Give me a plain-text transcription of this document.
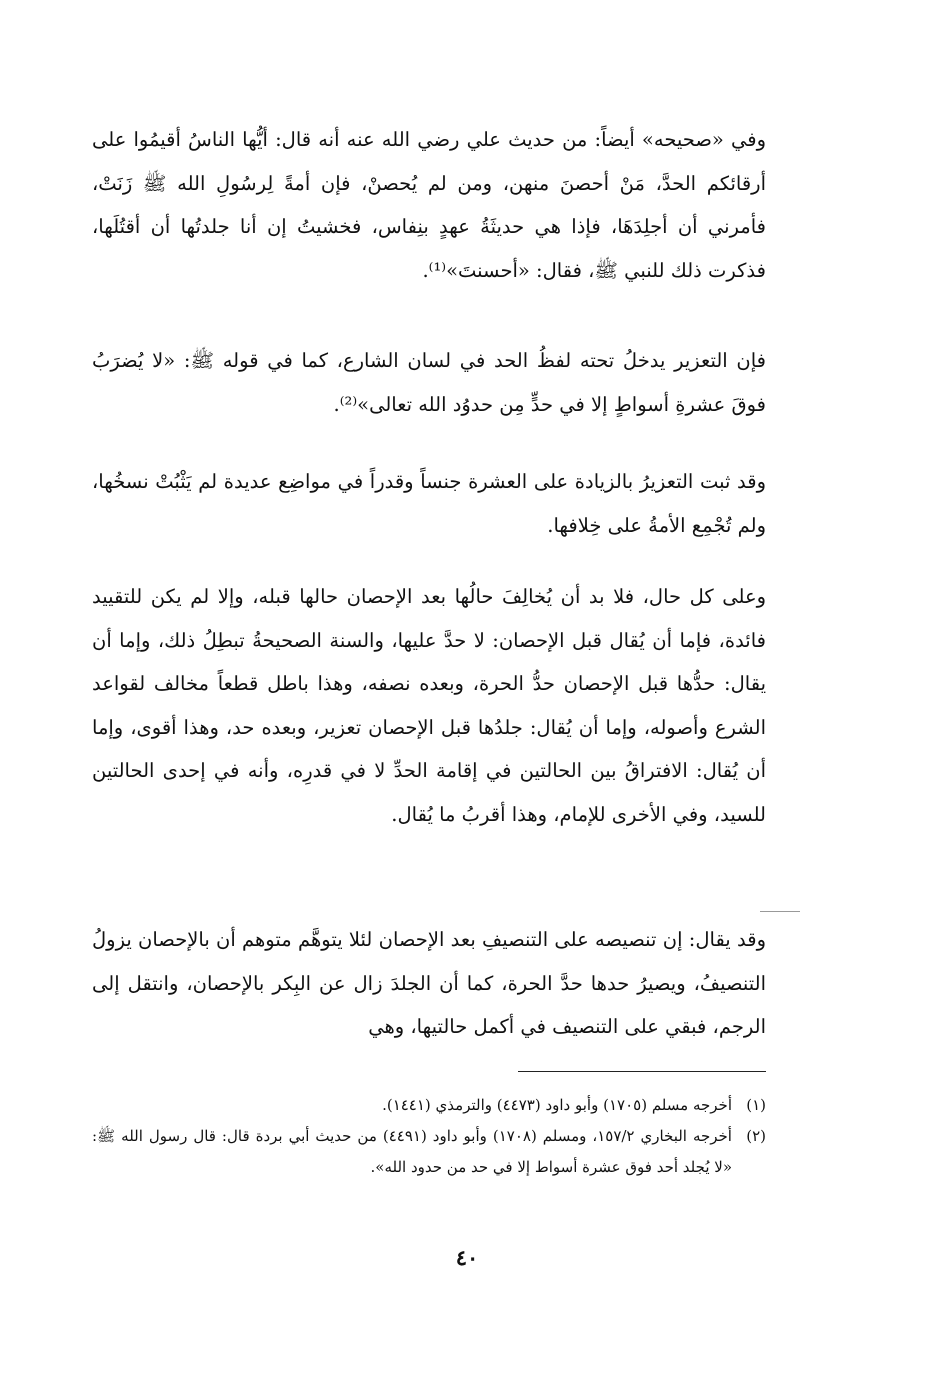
وفي «صحيحه» أيضاً: من حديث علي رضي الله عنه أنه قال: أيُّها الناسُ أقيمُوا على أرقائكم الحدَّ، مَنْ أحصنَ منهن، ومن لم يُحصنْ، فإن أمةً لِرسُولِ الله ﷺ زَنَتْ، فأمرني أن أجلِدَهَا، فإذا هي حديثَةُ عهدٍ بنِفاس، فخشيتُ إن أنا جلدتُها أن أقتُلَها، فذكرت ذلك للنبي ﷺ، فقال: «أحسنتَ»⁽¹⁾.

فإن التعزير يدخلُ تحته لفظُ الحد في لسان الشارع، كما في قوله ﷺ: «لا يُضرَبُ فوقَ عشرةِ أسواطٍ إلا في حدٍّ مِن حدوُد الله تعالى»⁽²⁾.

وقد ثبت التعزيرُ بالزيادة على العشرة جنساً وقدراً في مواضِع عديدة لم يَثْبُتْ نسخُها، ولم تُجْمِع الأمةُ على خِلافها.

وعلى كل حال، فلا بد أن يُخالِفَ حالُها بعد الإحصان حالها قبله، وإلا لم يكن للتقييد فائدة، فإما أن يُقال قبل الإحصان: لا حدَّ عليها، والسنة الصحيحةُ تبطِلُ ذلك، وإما أن يقال: حدُّها قبل الإحصان حدُّ الحرة، وبعده نصفه، وهذا باطل قطعاً مخالف لقواعد الشرع وأصوله، وإما أن يُقال: جلدُها قبل الإحصان تعزير، وبعده حد، وهذا أقوى، وإما أن يُقال: الافتراقُ بين الحالتين في إقامة الحدِّ لا في قدرِه، وأنه في إحدى الحالتين للسيد، وفي الأخرى للإمام، وهذا أقربُ ما يُقال.

وقد يقال: إن تنصيصه على التنصيفِ بعد الإحصان لئلا يتوهَّم متوهم أن بالإحصان يزولُ التنصيفُ، ويصيرُ حدها حدَّ الحرة، كما أن الجلدَ زال عن البِكر بالإحصان، وانتقل إلى الرجم، فبقي على التنصيف في أكمل حالتيها، وهي

(١)
أخرجه مسلم (١٧٠٥) وأبو داود (٤٤٧٣) والترمذي (١٤٤١).
(٢)
أخرجه البخاري ١٥٧/٢، ومسلم (١٧٠٨) وأبو داود (٤٤٩١) من حديث أبي بردة قال: قال رسول الله ﷺ: «لا يُجلد أحد فوق عشرة أسواط إلا في حد من حدود الله».
٤٠
